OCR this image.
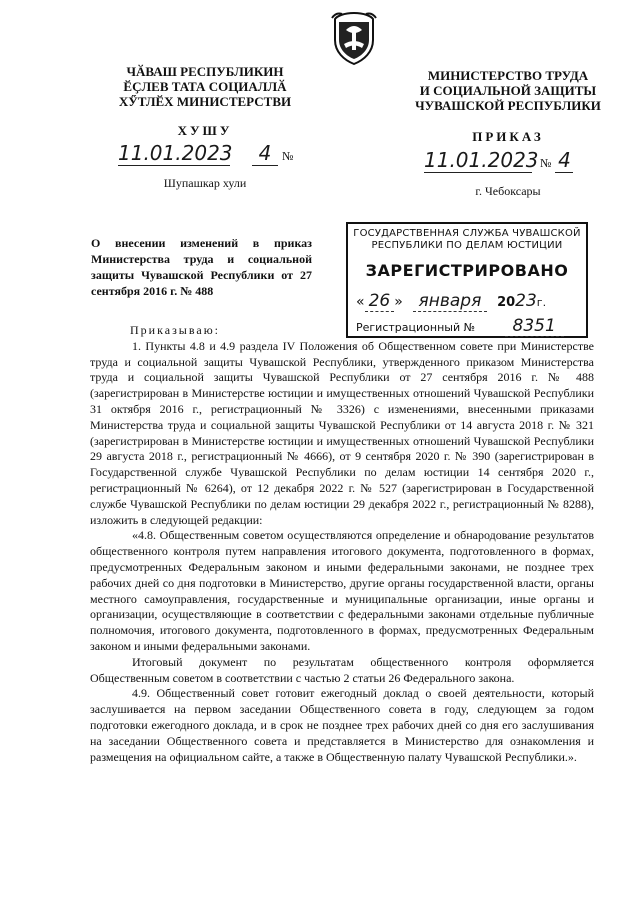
ЧӐВАШ РЕСПУБЛИКИН
ӖҪЛЕВ ТАТА СОЦИАЛЛӐ
ХӲТЛӖХ МИНИСТЕРСТВИ
ХУШУ
11.01.2023 4 №
Шупашкар хули
МИНИСТЕРСТВО ТРУДА
И СОЦИАЛЬНОЙ ЗАЩИТЫ
ЧУВАШСКОЙ РЕСПУБЛИКИ
ПРИКАЗ
11.01.2023 № 4
г. Чебоксары
О внесении изменений в приказ Министерства труда и социальной защиты Чувашской Республики от 27 сентября 2016 г. № 488
ГОСУДАРСТВЕННАЯ СЛУЖБА ЧУВАШСКОЙ
РЕСПУБЛИКИ ПО ДЕЛАМ ЮСТИЦИИ
ЗАРЕГИСТРИРОВАНО
« 26 » января 2023г.
Регистрационный № 8351

Приказываю:

1. Пункты 4.8 и 4.9 раздела IV Положения об Общественном совете при Министерстве труда и социальной защиты Чувашской Республики, утвержденного приказом Министерства труда и социальной защиты Чувашской Республики от 27 сентября 2016 г. № 488 (зарегистрирован в Министерстве юстиции и имущественных отношений Чувашской Республики 31 октября 2016 г., регистрационный № 3326) с изменениями, внесенными приказами Министерства труда и социальной защиты Чувашской Республики от 14 августа 2018 г. № 321 (зарегистрирован в Министерстве юстиции и имущественных отношений Чувашской Республики 29 августа 2018 г., регистрационный № 4666), от 9 сентября 2020 г. № 390 (зарегистрирован в Государственной службе Чувашской Республики по делам юстиции 14 сентября 2020 г., регистрационный № 6264), от 12 декабря 2022 г. № 527 (зарегистрирован в Государственной службе Чувашской Республики по делам юстиции 29 декабря 2022 г., регистрационный № 8288), изложить в следующей редакции:

«4.8. Общественным советом осуществляются определение и обнародование результатов общественного контроля путем направления итогового документа, подготовленного в формах, предусмотренных Федеральным законом и иными федеральными законами, не позднее трех рабочих дней со дня подготовки в Министерство, другие органы государственной власти, органы местного самоуправления, государственные и муниципальные организации, иные органы и организации, осуществляющие в соответствии с федеральными законами отдельные публичные полномочия, итогового документа, подготовленного в формах, предусмотренных Федеральным законом и иными федеральными законами.

Итоговый документ по результатам общественного контроля оформляется Общественным советом в соответствии с частью 2 статьи 26 Федерального закона.

4.9. Общественный совет готовит ежегодный доклад о своей деятельности, который заслушивается на первом заседании Общественного совета в году, следующем за годом подготовки ежегодного доклада, и в срок не позднее трех рабочих дней со дня его заслушивания на заседании Общественного совета и представляется в Министерство для ознакомления и размещения на официальном сайте, а также в Общественную палату Чувашской Республики.».
